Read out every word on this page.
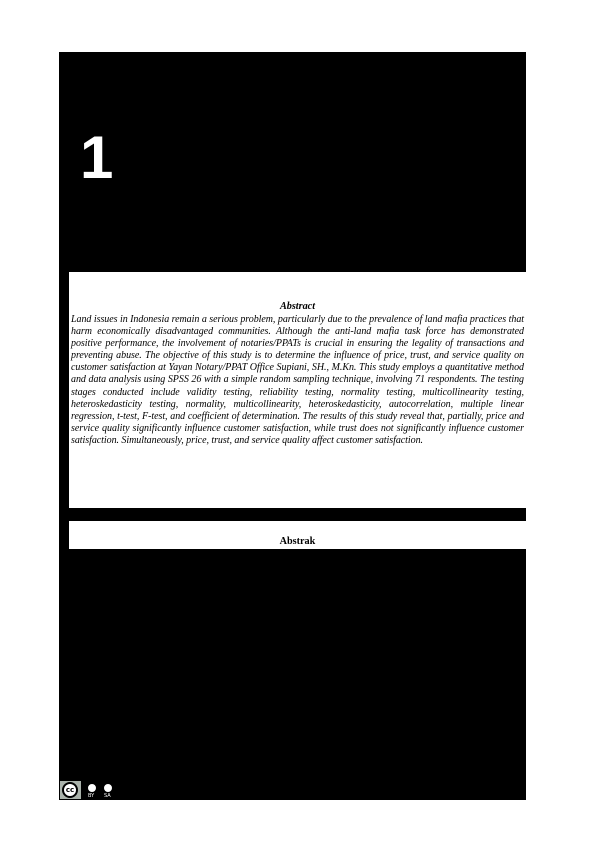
1

Abstract

Land issues in Indonesia remain a serious problem, particularly due to the prevalence of land mafia practices that harm economically disadvantaged communities. Although the anti-land mafia task force has demonstrated positive performance, the involvement of notaries/PPATs is crucial in ensuring the legality of transactions and preventing abuse. The objective of this study is to determine the influence of price, trust, and service quality on customer satisfaction at Yayan Notary/PPAT Office Supiani, SH., M.Kn. This study employs a quantitative method and data analysis using SPSS 26 with a simple random sampling technique, involving 71 respondents. The testing stages conducted include validity testing, reliability testing, normality testing, multicollinearity testing, heteroskedasticity testing, normality, multicollinearity, heteroskedasticity, autocorrelation, multiple linear regression, t-test, F-test, and coefficient of determination. The results of this study reveal that, partially, price and service quality significantly influence customer satisfaction, while trust does not significantly influence customer satisfaction. Simultaneously, price, trust, and service quality affect customer satisfaction.

Abstrak

cc
BY SA
